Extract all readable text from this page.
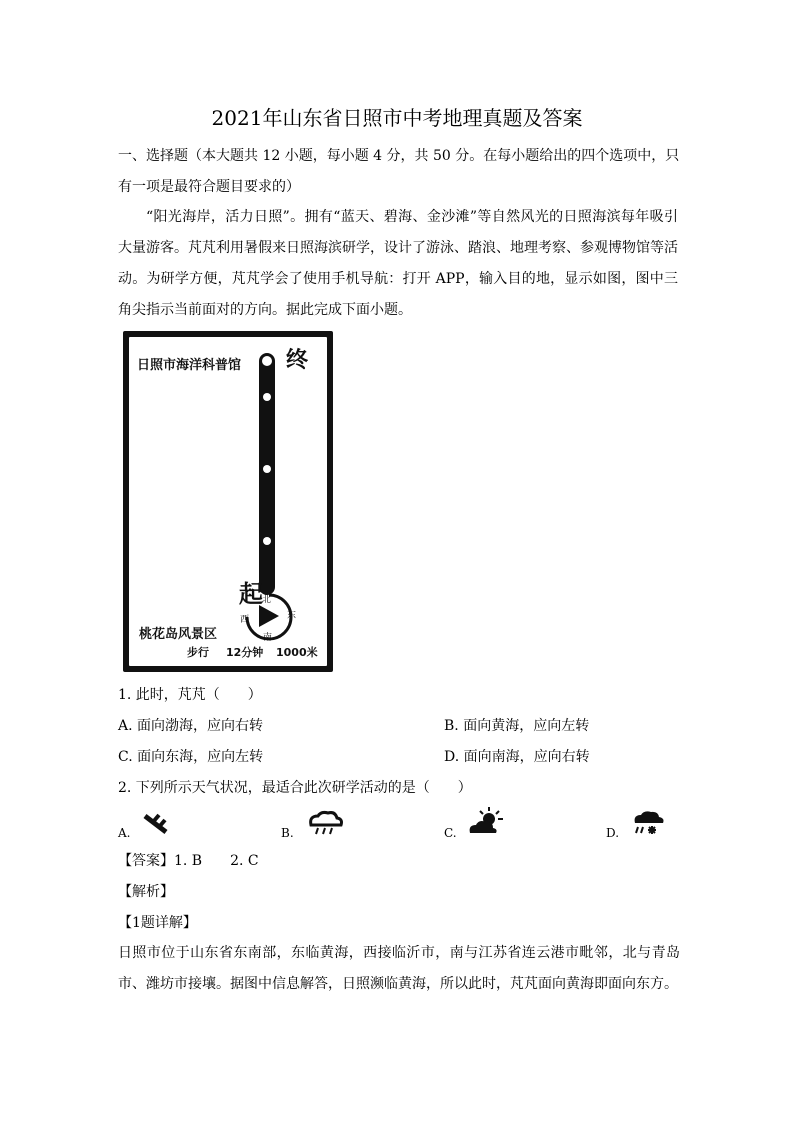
2021年山东省日照市中考地理真题及答案
一、选择题（本大题共 12 小题，每小题 4 分，共 50 分。在每小题给出的四个选项中，只
有一项是最符合题目要求的）
“阳光海岸，活力日照”。拥有“蓝天、碧海、金沙滩”等自然风光的日照海滨每年吸引大量游客。芃芃利用暑假来日照海滨研学，设计了游泳、踏浪、地理考察、参观博物馆等活动。为研学方便，芃芃学会了使用手机导航：打开 APP，输入目的地，显示如图，图中三角尖指示当前面对的方向。据此完成下面小题。
日照市海洋科普馆 终
起 北
东
南
西
桃花岛风景区
步行 12分钟 1000米
1. 此时，芃芃（　　）
A. 面向渤海，应向右转	B. 面向黄海，应向左转
C. 面向东海，应向左转	D. 面向南海，应向右转
2. 下列所示天气状况，最适合此次研学活动的是（　　）
A.	B.	C.	D.
【答案】1. B　　2. C
【解析】
【1题详解】
日照市位于山东省东南部，东临黄海，西接临沂市，南与江苏省连云港市毗邻，北与青岛市、潍坊市接壤。据图中信息解答，日照濒临黄海，所以此时，芃芃面向黄海即面向东方。
